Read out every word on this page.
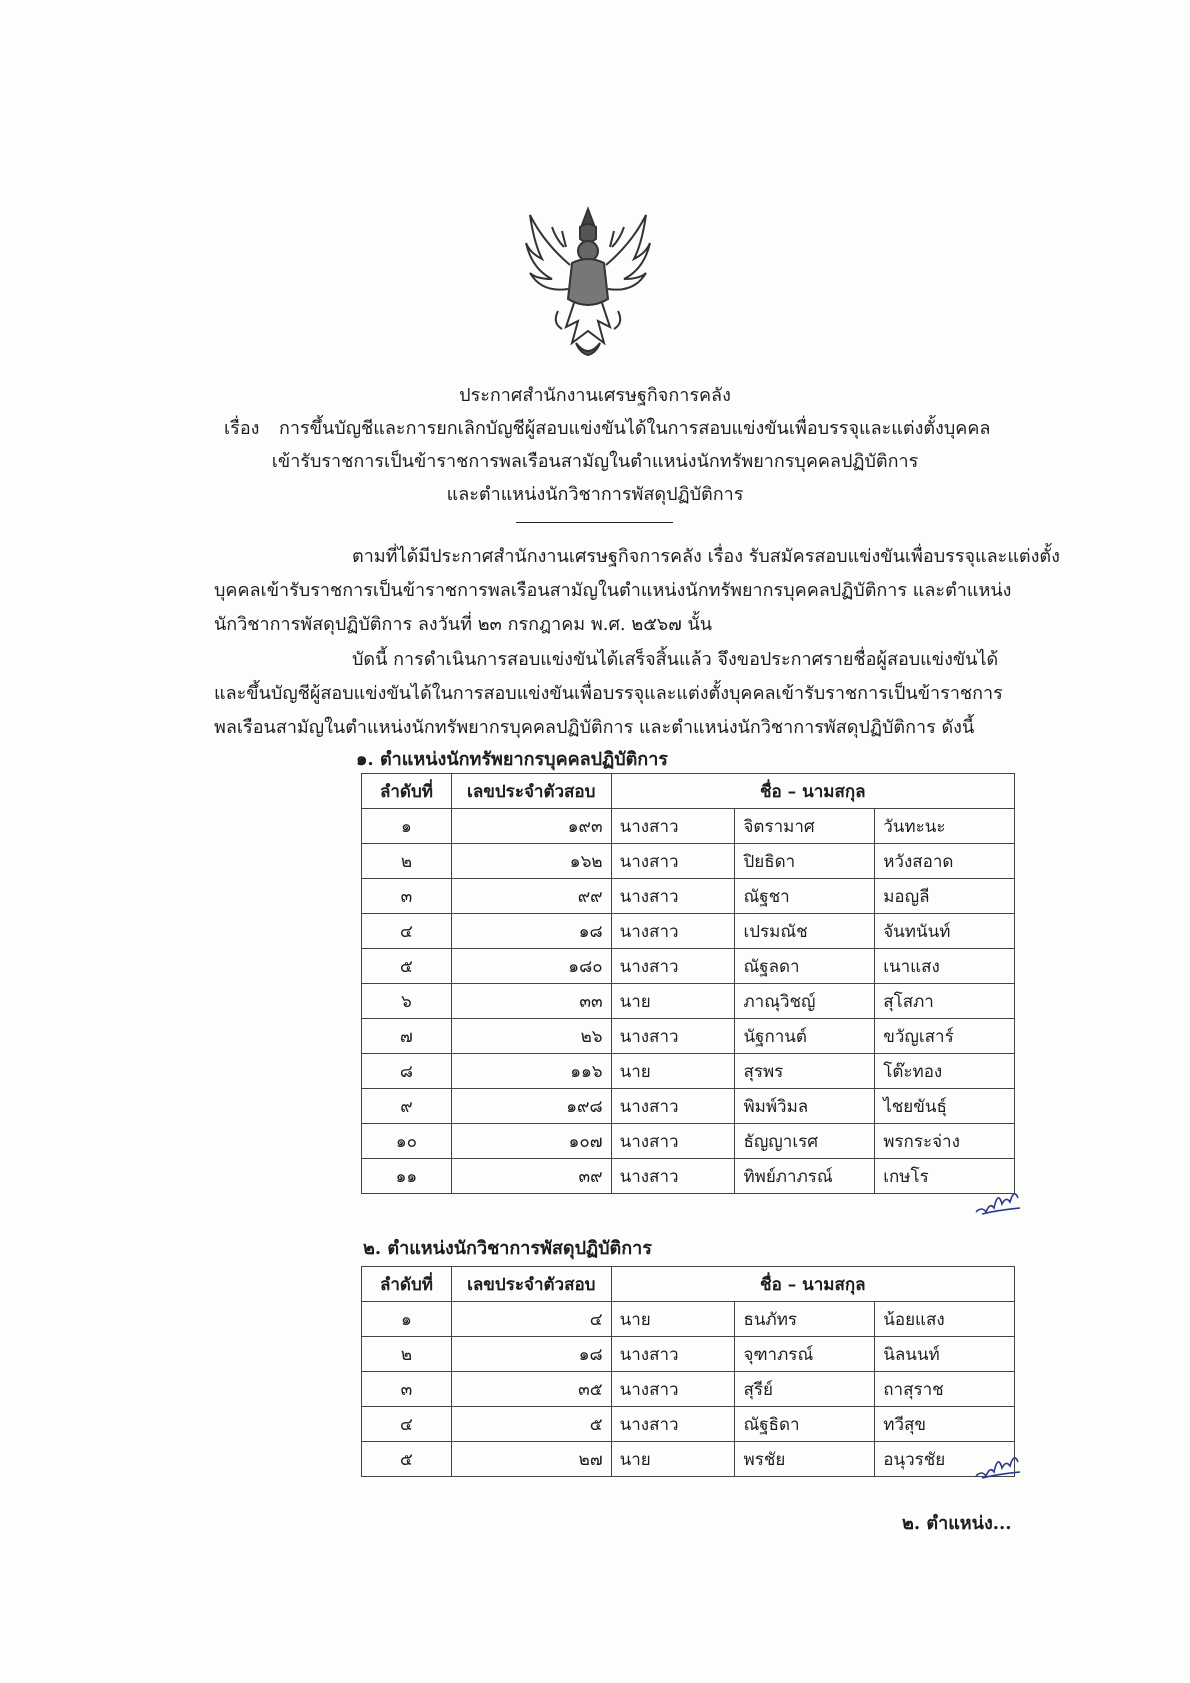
ประกาศสำนักงานเศรษฐกิจการคลัง
เรื่อง การขึ้นบัญชีและการยกเลิกบัญชีผู้สอบแข่งขันได้ในการสอบแข่งขันเพื่อบรรจุและแต่งตั้งบุคคล
เข้ารับราชการเป็นข้าราชการพลเรือนสามัญในตำแหน่งนักทรัพยากรบุคคลปฏิบัติการ
และตำแหน่งนักวิชาการพัสดุปฏิบัติการ
ตามที่ได้มีประกาศสำนักงานเศรษฐกิจการคลัง เรื่อง รับสมัครสอบแข่งขันเพื่อบรรจุและแต่งตั้ง
บุคคลเข้ารับราชการเป็นข้าราชการพลเรือนสามัญในตำแหน่งนักทรัพยากรบุคคลปฏิบัติการ และตำแหน่ง
นักวิชาการพัสดุปฏิบัติการ ลงวันที่ ๒๓ กรกฎาคม พ.ศ. ๒๕๖๗ นั้น
บัดนี้ การดำเนินการสอบแข่งขันได้เสร็จสิ้นแล้ว จึงขอประกาศรายชื่อผู้สอบแข่งขันได้
และขึ้นบัญชีผู้สอบแข่งขันได้ในการสอบแข่งขันเพื่อบรรจุและแต่งตั้งบุคคลเข้ารับราชการเป็นข้าราชการ
พลเรือนสามัญในตำแหน่งนักทรัพยากรบุคคลปฏิบัติการ และตำแหน่งนักวิชาการพัสดุปฏิบัติการ ดังนี้
๑. ตำแหน่งนักทรัพยากรบุคคลปฏิบัติการ
ลำดับที่	เลขประจำตัวสอบ	ชื่อ – นามสกุล		
๑	๑๙๓	นางสาว	จิตรามาศ	วันทะนะ
๒	๑๖๒	นางสาว	ปิยธิดา	หวังสอาด
๓	๙๙	นางสาว	ณัฐชา	มอญลี
๔	๑๘	นางสาว	เปรมณัช	จันทนันท์
๕	๑๘๐	นางสาว	ณัฐลดา	เนาแสง
๖	๓๓	นาย	ภาณุวิชญ์	สุโสภา
๗	๒๖	นางสาว	นัฐกานต์	ขวัญเสาร์
๘	๑๑๖	นาย	สุรพร	โต๊ะทอง
๙	๑๙๘	นางสาว	พิมพ์วิมล	ไชยขันธุ์
๑๐	๑๐๗	นางสาว	ธัญญาเรศ	พรกระจ่าง
๑๑	๓๙	นางสาว	ทิพย์ภาภรณ์	เกษโร
๒. ตำแหน่งนักวิชาการพัสดุปฏิบัติการ
ลำดับที่	เลขประจำตัวสอบ	ชื่อ – นามสกุล		
๑	๔	นาย	ธนภัทร	น้อยแสง
๒	๑๘	นางสาว	จุฑาภรณ์	นิลนนท์
๓	๓๕	นางสาว	สุรีย์	ถาสุราช
๔	๕	นางสาว	ณัฐธิดา	ทวีสุข
๕	๒๗	นาย	พรชัย	อนุวรชัย
๒. ตำแหน่ง...
